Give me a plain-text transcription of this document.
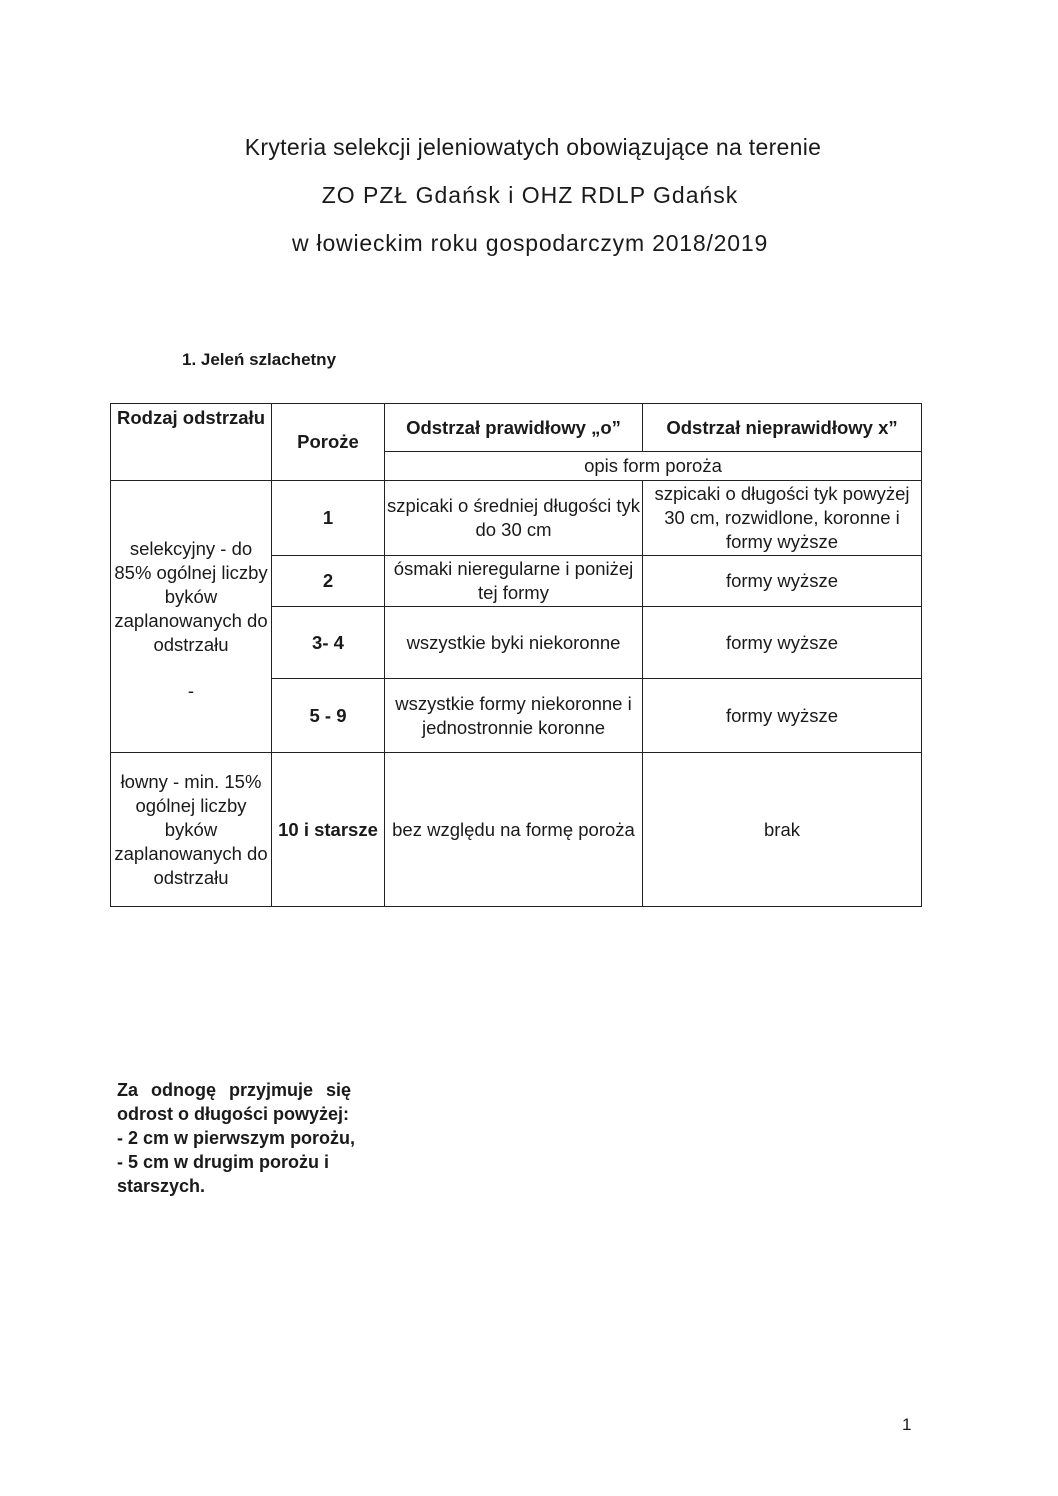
Kryteria selekcji jeleniowatych obowiązujące na terenie

ZO PZŁ Gdańsk i OHZ RDLP Gdańsk

w łowieckim roku gospodarczym 2018/2019

1. Jeleń szlachetny
Rodzaj odstrzału	Poroże	Odstrzał prawidłowy „o”	Odstrzał nieprawidłowy x”
		opis form poroża	

selekcyjny - do 85% ogólnej liczby byków zaplanowanych do odstrzału
-	1	szpicaki o średniej długości tyk do 30 cm	szpicaki o długości tyk powyżej 30 cm, rozwidlone, koronne i formy wyższe
	2	ósmaki nieregularne i poniżej tej formy	formy wyższe
	3- 4	wszystkie byki niekoronne	formy wyższe
	5 - 9	wszystkie formy niekoronne i jednostronnie koronne	formy wyższe
łowny - min. 15% ogólnej liczby byków zaplanowanych do odstrzału	10 i starsze	bez względu na formę poroża	brak
Za odnogę przyjmuje się
odrost o długości powyżej:
- 2 cm w pierwszym porożu,
- 5 cm w drugim porożu i
starszych.
1
